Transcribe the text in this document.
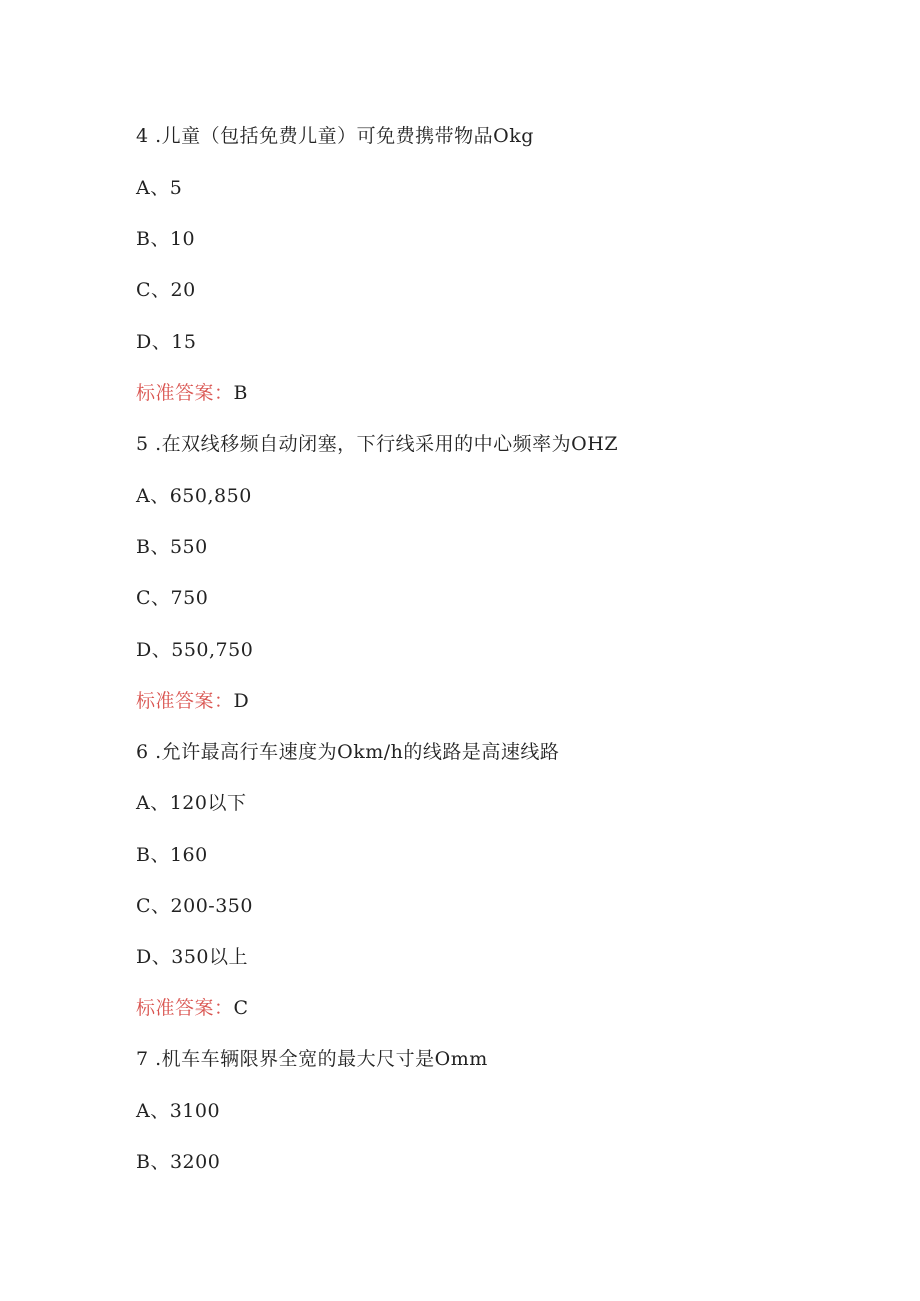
4 .儿童（包括免费儿童）可免费携带物品Okg
A、5
B、10
C、20
D、15
标准答案：B
5 .在双线移频自动闭塞，下行线采用的中心频率为OHZ
A、650,850
B、550
C、750
D、550,750
标准答案：D
6 .允许最高行车速度为Okm/h的线路是高速线路
A、120以下
B、160
C、200-350
D、350以上
标准答案：C
7 .机车车辆限界全宽的最大尺寸是Omm
A、3100
B、3200
